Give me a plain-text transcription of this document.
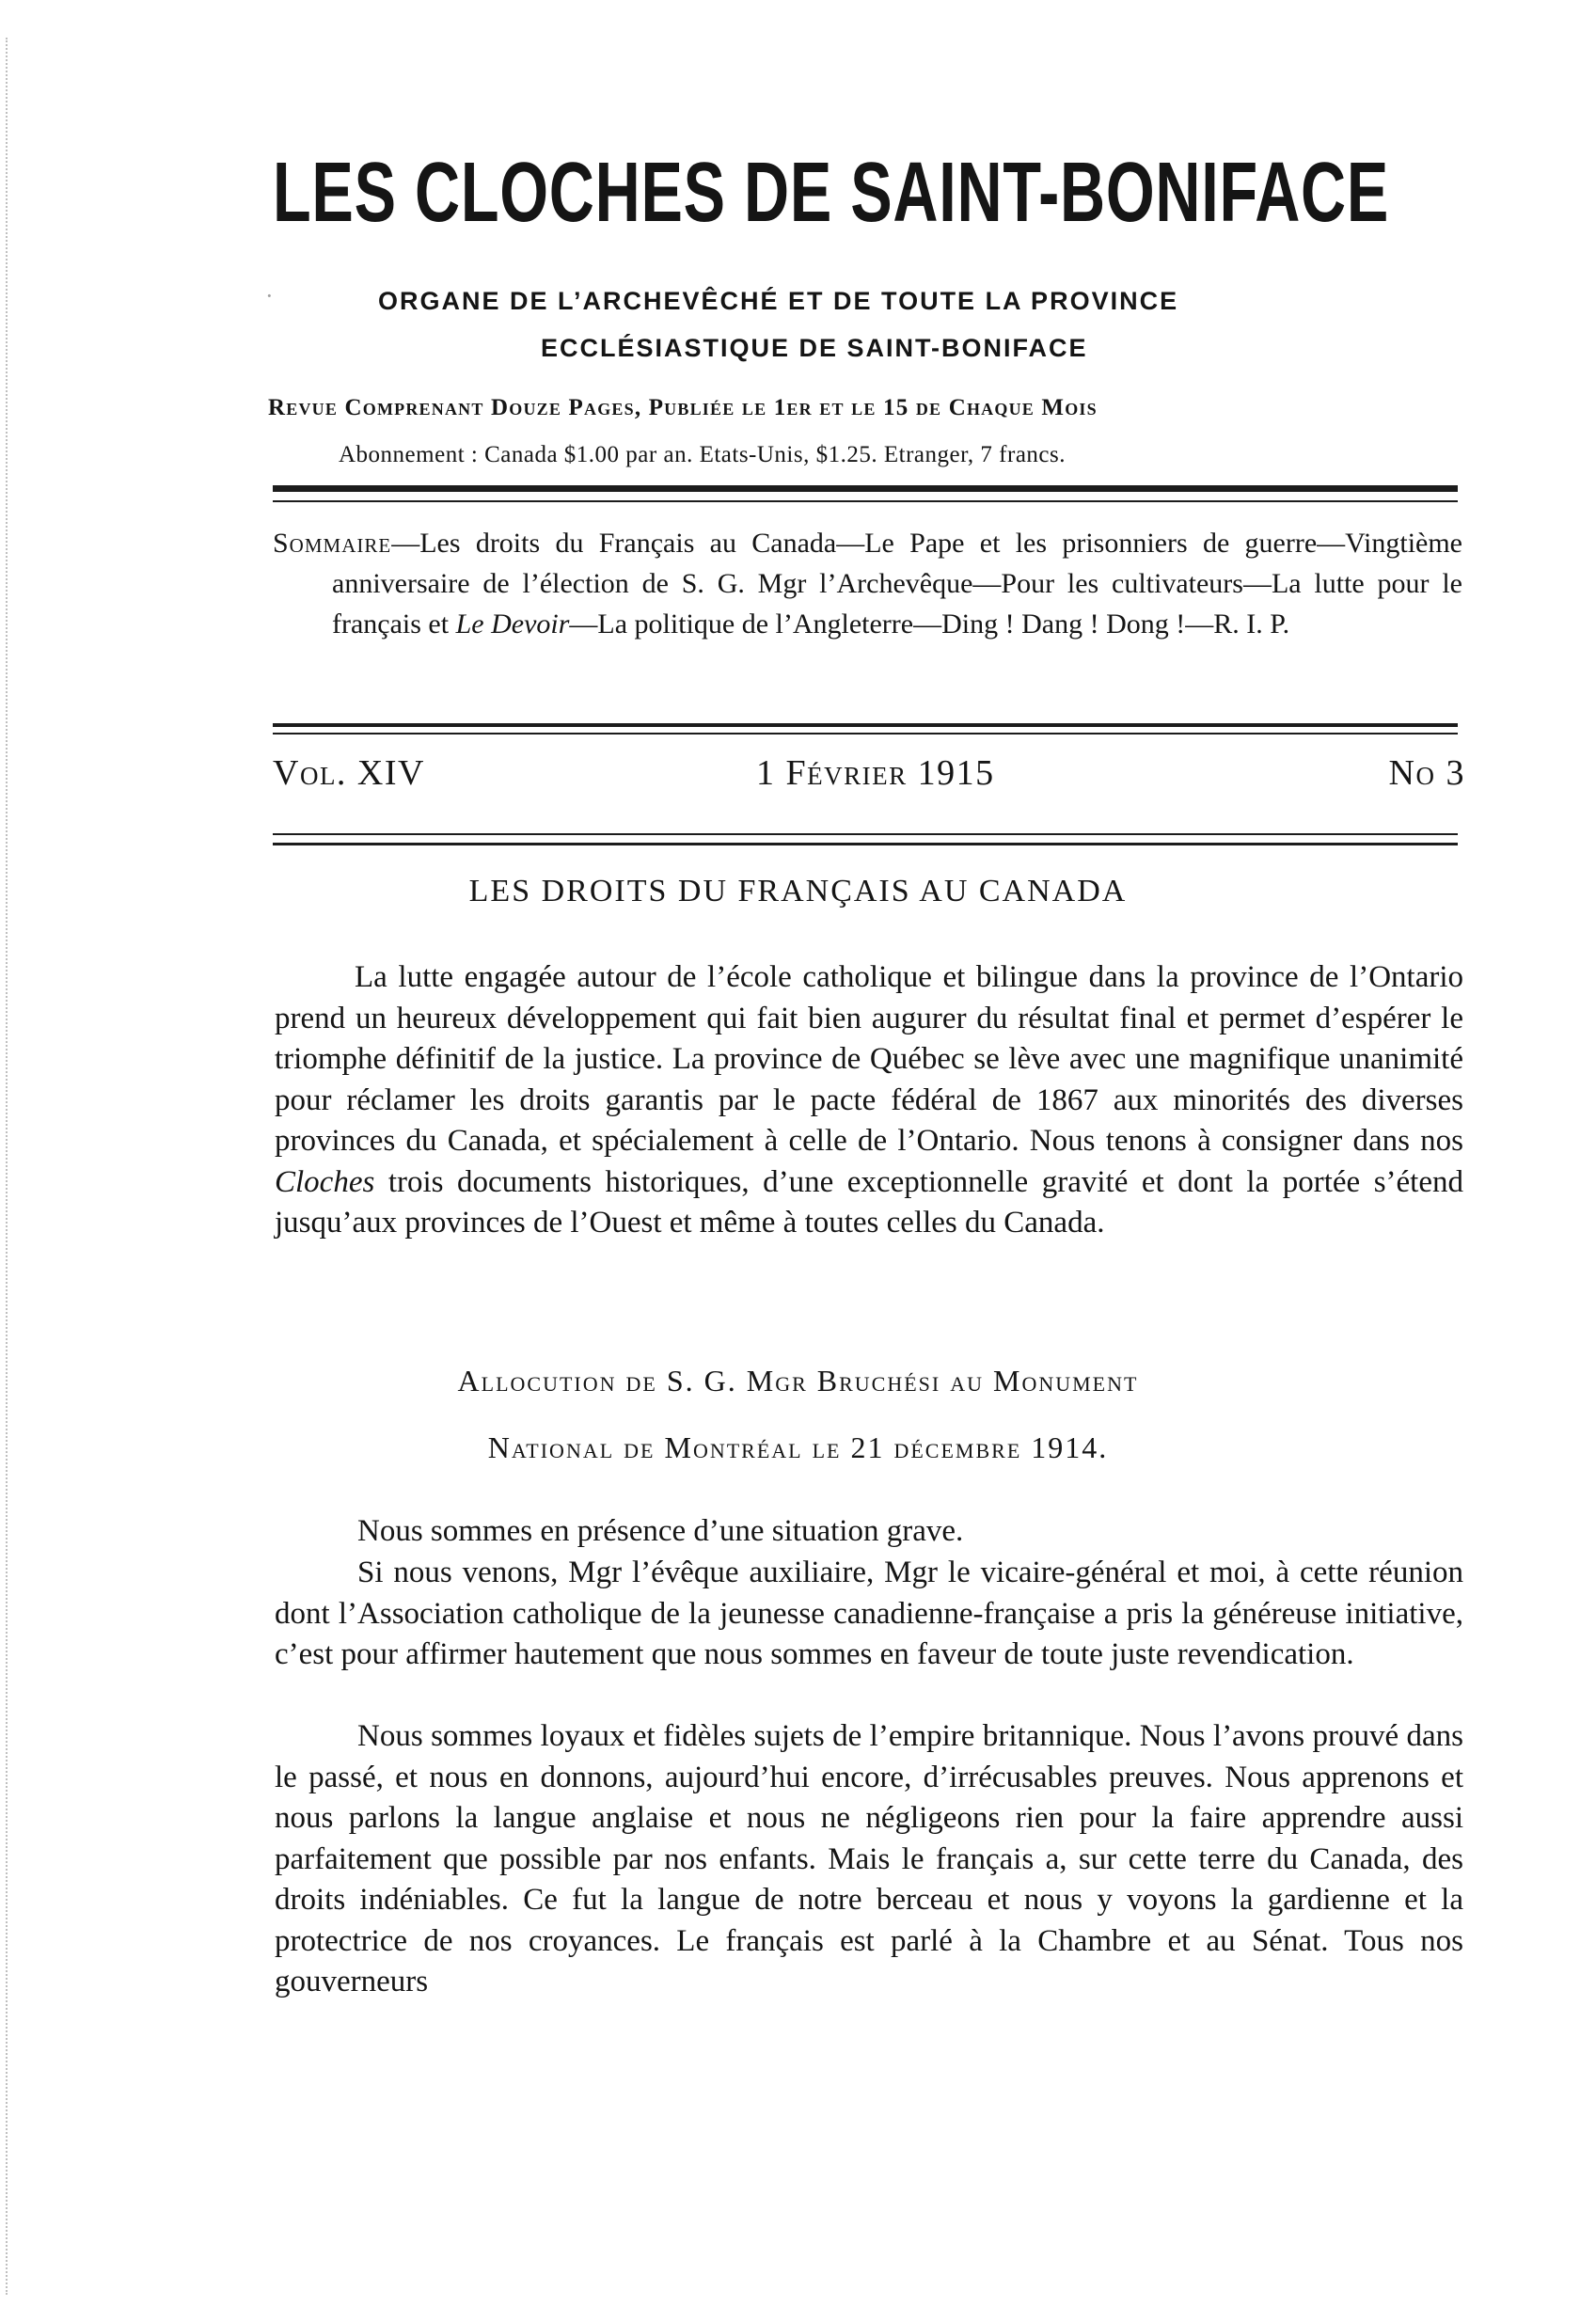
·
LES CLOCHES DE SAINT-BONIFACE
ORGANE DE L’ARCHEVÊCHÉ ET DE TOUTE LA PROVINCE
ECCLÉSIASTIQUE DE SAINT-BONIFACE
Revue Comprenant Douze Pages, Publiée le 1er et le 15 de Chaque Mois
Abonnement : Canada $1.00 par an. Etats-Unis, $1.25. Etranger, 7 francs.
Sommaire—Les droits du Français au Canada—Le Pape et les prisonniers de guerre—Vingtième anniversaire de l’élection de S. G. Mgr l’Archevêque—Pour les cultivateurs—La lutte pour le français et Le Devoir—La politique de l’Angleterre—Ding ! Dang ! Dong !—R. I. P.
Vol. XIV	1 Février 1915	No 3
LES DROITS DU FRANÇAIS AU CANADA

La lutte engagée autour de l’école catholique et bilingue dans la province de l’Ontario prend un heureux développement qui fait bien augurer du résultat final et permet d’espérer le triomphe définitif de la justice. La province de Québec se lève avec une magnifique unanimité pour réclamer les droits garantis par le pacte fédéral de 1867 aux minorités des diverses provinces du Canada, et spécialement à celle de l’Ontario. Nous tenons à consigner dans nos Cloches trois documents historiques, d’une exceptionnelle gravité et dont la portée s’étend jusqu’aux provinces de l’Ouest et même à toutes celles du Canada.

Allocution de S. G. Mgr Bruchési au Monument
National de Montréal le 21 décembre 1914.

Nous sommes en présence d’une situation grave.

Si nous venons, Mgr l’évêque auxiliaire, Mgr le vicaire-général et moi, à cette réunion dont l’Association catholique de la jeunesse canadienne-française a pris la généreuse initiative, c’est pour affirmer hautement que nous sommes en faveur de toute juste revendication.

Nous sommes loyaux et fidèles sujets de l’empire britannique. Nous l’avons prouvé dans le passé, et nous en donnons, aujourd’hui encore, d’irrécusables preuves. Nous apprenons et nous parlons la langue anglaise et nous ne négligeons rien pour la faire apprendre aussi parfaitement que possible par nos enfants. Mais le français a, sur cette terre du Canada, des droits indéniables. Ce fut la langue de notre berceau et nous y voyons la gardienne et la protectrice de nos croyances. Le français est parlé à la Chambre et au Sénat. Tous nos gouverneurs
